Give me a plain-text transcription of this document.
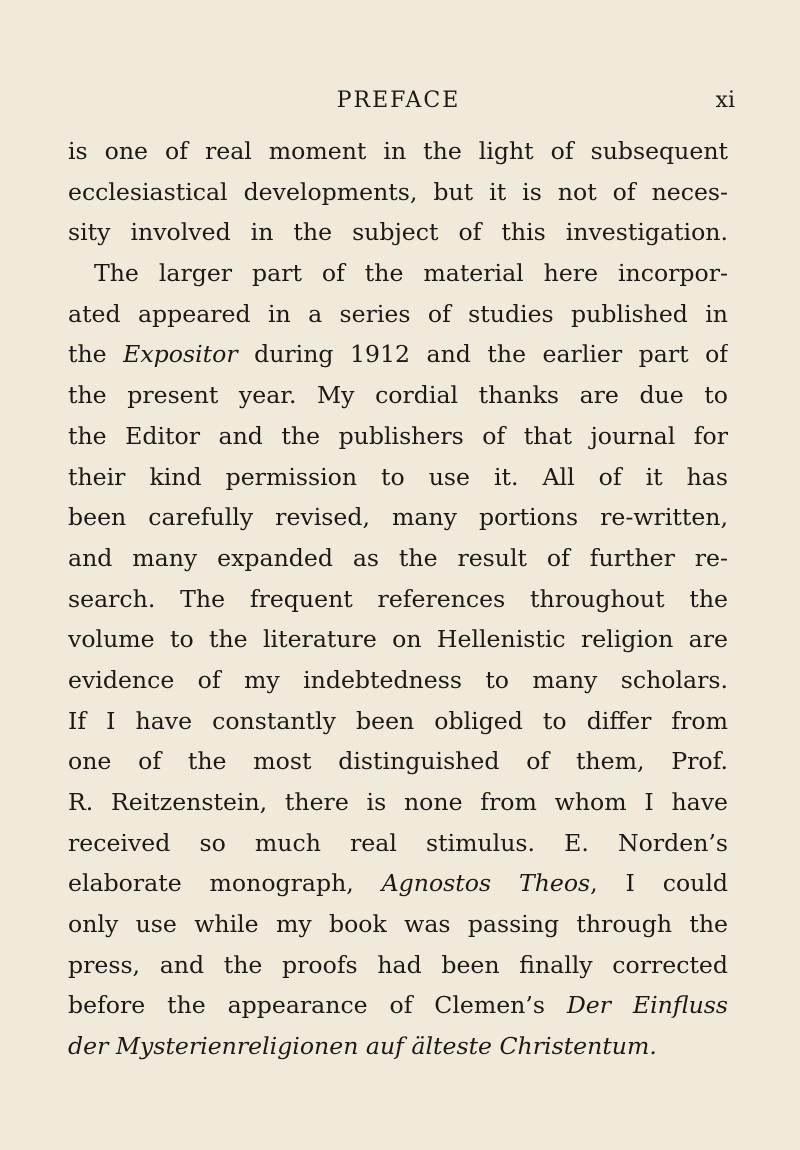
PREFACE	xi
is one of real moment in the light of subsequent
ecclesiastical developments, but it is not of neces-
sity involved in the subject of this investigation.
The larger part of the material here incorpor-
ated appeared in a series of studies published in
the Expositor during 1912 and the earlier part of
the present year. My cordial thanks are due to
the Editor and the publishers of that journal for
their kind permission to use it. All of it has
been carefully revised, many portions re-written,
and many expanded as the result of further re-
search. The frequent references throughout the
volume to the literature on Hellenistic religion are
evidence of my indebtedness to many scholars.
If I have constantly been obliged to differ from
one of the most distinguished of them, Prof.
R. Reitzenstein, there is none from whom I have
received so much real stimulus. E. Norden’s
elaborate monograph, Agnostos Theos, I could
only use while my book was passing through the
press, and the proofs had been finally corrected
before the appearance of Clemen’s Der Einfluss
der Mysterienreligionen auf älteste Christentum.
